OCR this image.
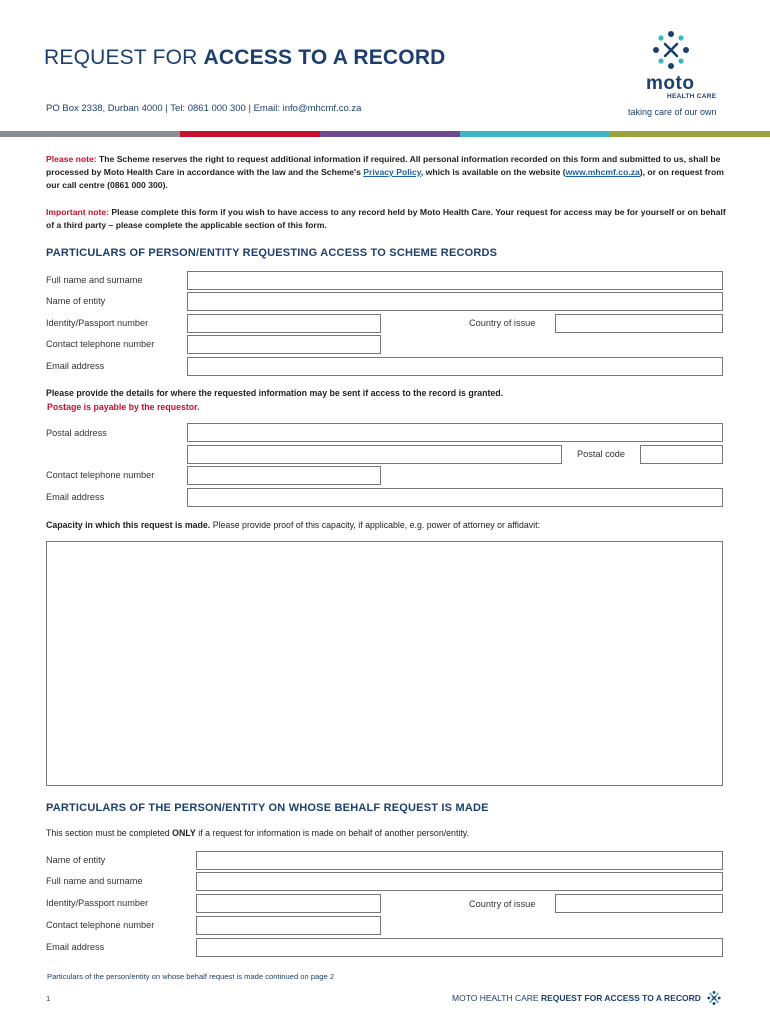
REQUEST FOR ACCESS TO A RECORD
PO Box 2338, Durban 4000 | Tel: 0861 000 300 | Email: info@mhcmf.co.za
moto
HEALTH CARE
taking care of our own
Please note: The Scheme reserves the right to request additional information if required. All personal information recorded on this form and submitted to us, shall be processed by Moto Health Care in accordance with the law and the Scheme's Privacy Policy, which is available on the website (www.mhcmf.co.za), or on request from our call centre (0861 000 300).
Important note: Please complete this form if you wish to have access to any record held by Moto Health Care. Your request for access may be for yourself or on behalf of a third party – please complete the applicable section of this form.
PARTICULARS OF PERSON/ENTITY REQUESTING ACCESS TO SCHEME RECORDS
Full name and surname
Name of entity
Identity/Passport number	Country of issue
Contact telephone number
Email address
Please provide the details for where the requested information may be sent if access to the record is granted.
Postage is payable by the requestor.
Postal address
Postal code
Contact telephone number
Email address
Capacity in which this request is made. Please provide proof of this capacity, if applicable, e.g. power of attorney or affidavit:
PARTICULARS OF THE PERSON/ENTITY ON WHOSE BEHALF REQUEST IS MADE
This section must be completed ONLY if a request for information is made on behalf of another person/entity.
Name of entity
Full name and surname
Identity/Passport number	Country of issue
Contact telephone number
Email address
Particulars of the person/entity on whose behalf request is made continued on page 2
1	MOTO HEALTH CARE REQUEST FOR ACCESS TO A RECORD
